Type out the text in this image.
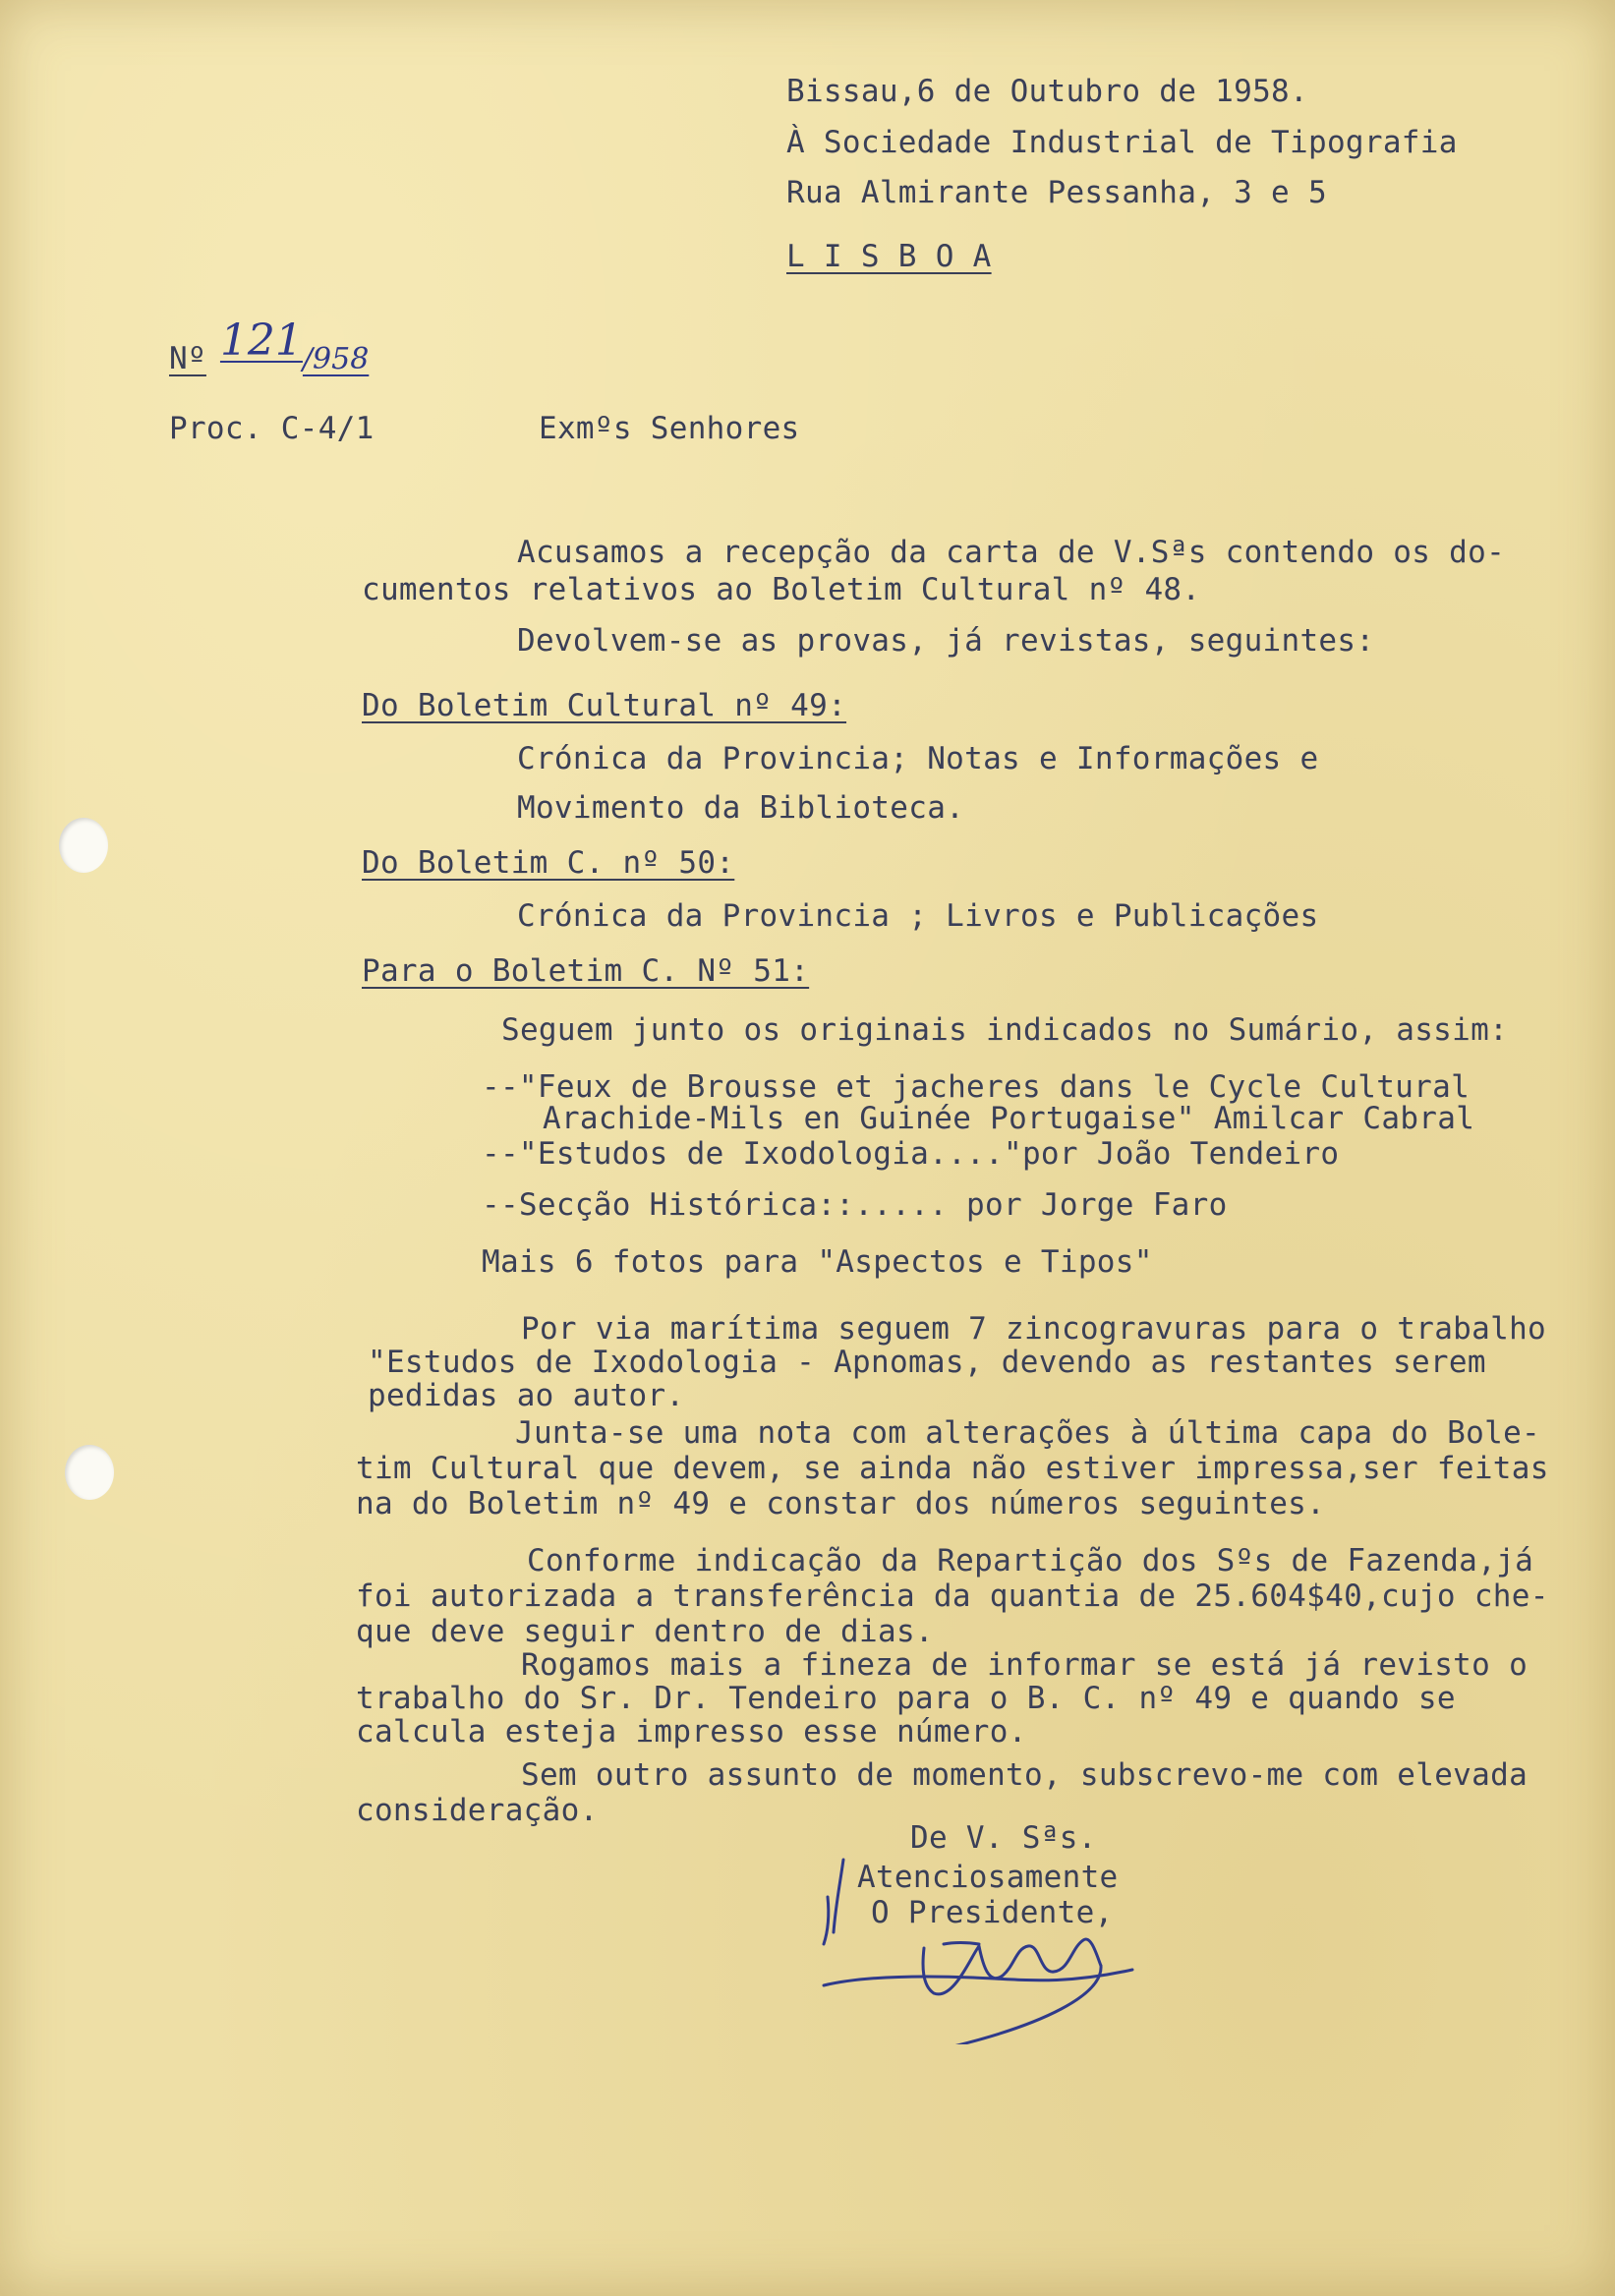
Bissau,6 de Outubro de 1958.
À Sociedade Industrial de Tipografia
Rua Almirante Pessanha, 3 e 5
L I S B O A
Nº 121/958
Proc. C-4/1	Exmºs Senhores
Acusamos a recepção da carta de V.Sªs contendo os do-
cumentos relativos ao Boletim Cultural nº 48.
Devolvem-se as provas, já revistas, seguintes:
Do Boletim Cultural nº 49:
Crónica da Provincia; Notas e Informações e
Movimento da Biblioteca.
Do Boletim C. nº 50:
Crónica da Provincia ; Livros e Publicações
Para o Boletim C. Nº 51:
Seguem junto os originais indicados no Sumário, assim:
--"Feux de Brousse et jacheres dans le Cycle Cultural
Arachide-Mils en Guinée Portugaise" Amilcar Cabral
--"Estudos de Ixodologia...."por João Tendeiro
--Secção Histórica::..... por Jorge Faro
Mais 6 fotos para "Aspectos e Tipos"
Por via marítima seguem 7 zincogravuras para o trabalho
"Estudos de Ixodologia - Apnomas, devendo as restantes serem
pedidas ao autor.
Junta-se uma nota com alterações à última capa do Bole-
tim Cultural que devem, se ainda não estiver impressa,ser feitas
na do Boletim nº 49 e constar dos números seguintes.
Conforme indicação da Repartição dos Sºs de Fazenda,já
foi autorizada a transferência da quantia de 25.604$40,cujo che-
que deve seguir dentro de dias.
Rogamos mais a fineza de informar se está já revisto o
trabalho do Sr. Dr. Tendeiro para o B. C. nº 49 e quando se
calcula esteja impresso esse número.
Sem outro assunto de momento, subscrevo-me com elevada
consideração.
De V. Sªs.
Atenciosamente
O Presidente,
